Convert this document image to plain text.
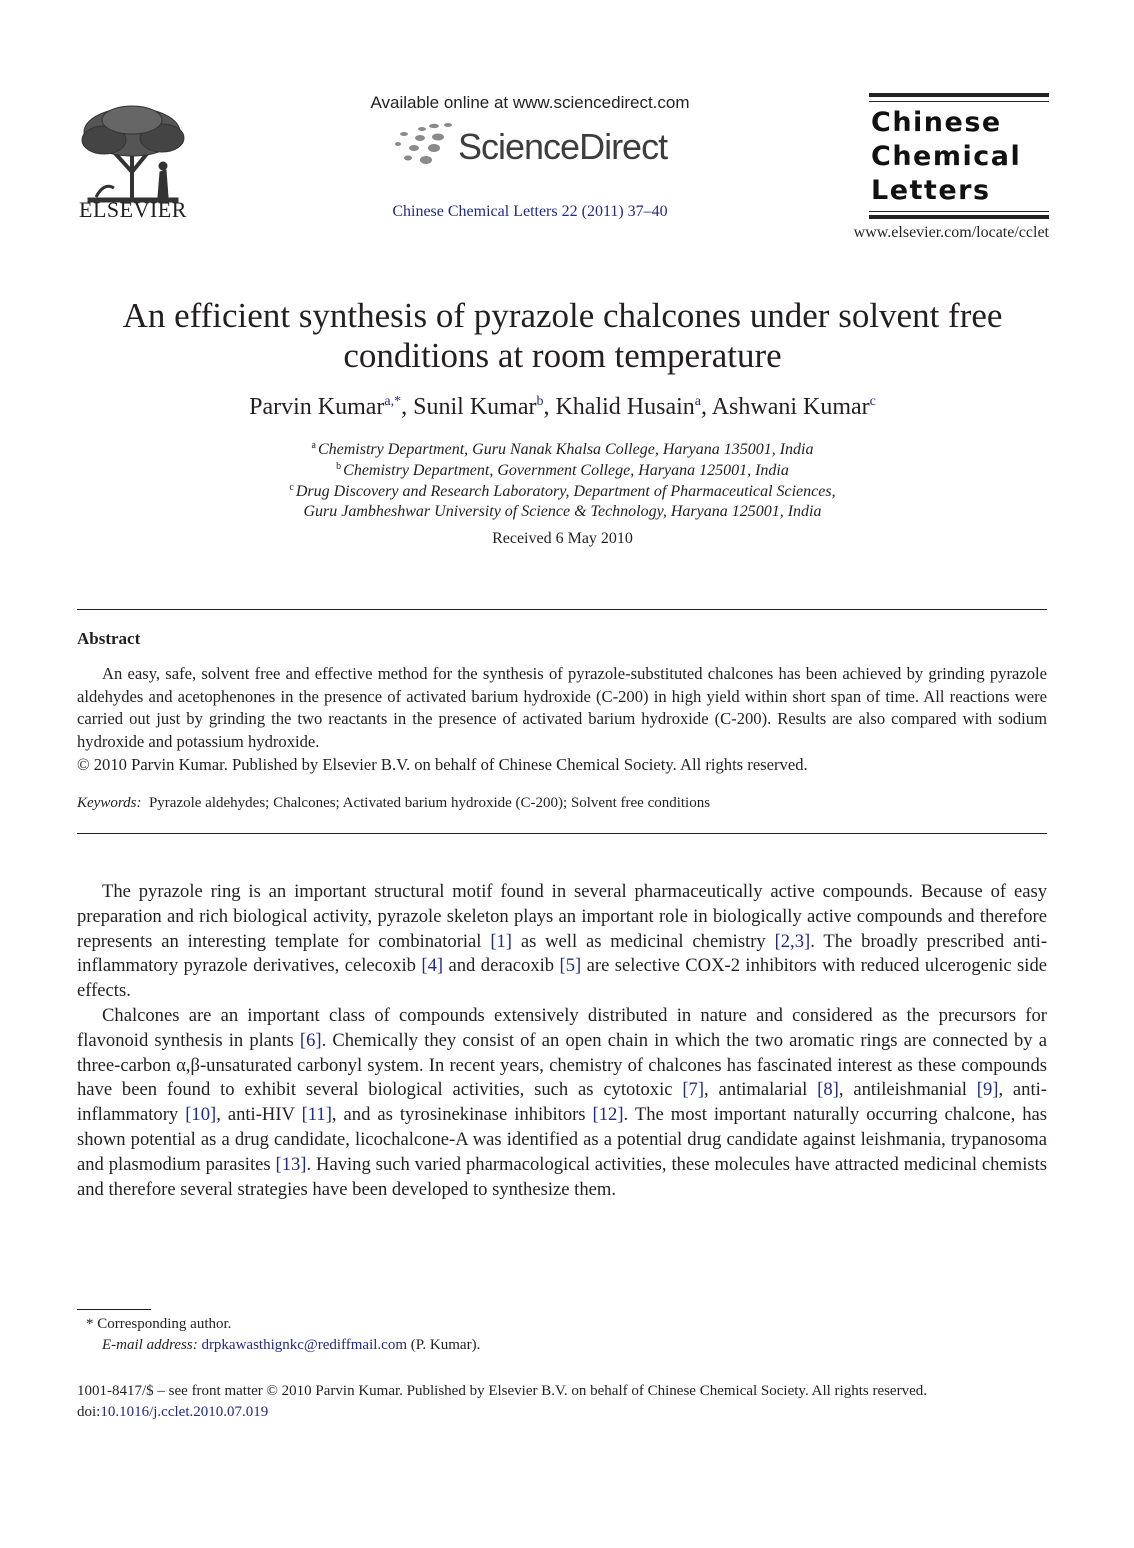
ELSEVIER
Available online at www.sciencedirect.com
ScienceDirect
Chinese Chemical Letters 22 (2011) 37–40
Chinese
Chemical
Letters
www.elsevier.com/locate/cclet
An efficient synthesis of pyrazole chalcones under solvent free
conditions at room temperature
Parvin Kumar$^{a,*}$, Sunil Kumar$^b$, Khalid Husain$^a$, Ashwani Kumar$^c$
$^a$ Chemistry Department, Guru Nanak Khalsa College, Haryana 135001, India
$^b$ Chemistry Department, Government College, Haryana 125001, India
$^c$ Drug Discovery and Research Laboratory, Department of Pharmaceutical Sciences,
Guru Jambheshwar University of Science & Technology, Haryana 125001, India
Received 6 May 2010
Abstract
An easy, safe, solvent free and effective method for the synthesis of pyrazole-substituted chalcones has been achieved by grinding pyrazole aldehydes and acetophenones in the presence of activated barium hydroxide (C-200) in high yield within short span of time. All reactions were carried out just by grinding the two reactants in the presence of activated barium hydroxide (C-200). Results are also compared with sodium hydroxide and potassium hydroxide.
© 2010 Parvin Kumar. Published by Elsevier B.V. on behalf of Chinese Chemical Society. All rights reserved.
Keywords: Pyrazole aldehydes; Chalcones; Activated barium hydroxide (C-200); Solvent free conditions
The pyrazole ring is an important structural motif found in several pharmaceutically active compounds. Because of easy preparation and rich biological activity, pyrazole skeleton plays an important role in biologically active compounds and therefore represents an interesting template for combinatorial [1] as well as medicinal chemistry [2,3]. The broadly prescribed anti-inflammatory pyrazole derivatives, celecoxib [4] and deracoxib [5] are selective COX-2 inhibitors with reduced ulcerogenic side effects.
Chalcones are an important class of compounds extensively distributed in nature and considered as the precursors for flavonoid synthesis in plants [6]. Chemically they consist of an open chain in which the two aromatic rings are connected by a three-carbon α,β-unsaturated carbonyl system. In recent years, chemistry of chalcones has fascinated interest as these compounds have been found to exhibit several biological activities, such as cytotoxic [7], antimalarial [8], antileishmanial [9], anti-inflammatory [10], anti-HIV [11], and as tyrosinekinase inhibitors [12]. The most important naturally occurring chalcone, has shown potential as a drug candidate, licochalcone-A was identified as a potential drug candidate against leishmania, trypanosoma and plasmodium parasites [13]. Having such varied pharmacological activities, these molecules have attracted medicinal chemists and therefore several strategies have been developed to synthesize them.
* Corresponding author.
E-mail address: drpkawasthignkc@rediffmail.com (P. Kumar).
1001-8417/$ – see front matter © 2010 Parvin Kumar. Published by Elsevier B.V. on behalf of Chinese Chemical Society. All rights reserved.
doi:10.1016/j.cclet.2010.07.019
